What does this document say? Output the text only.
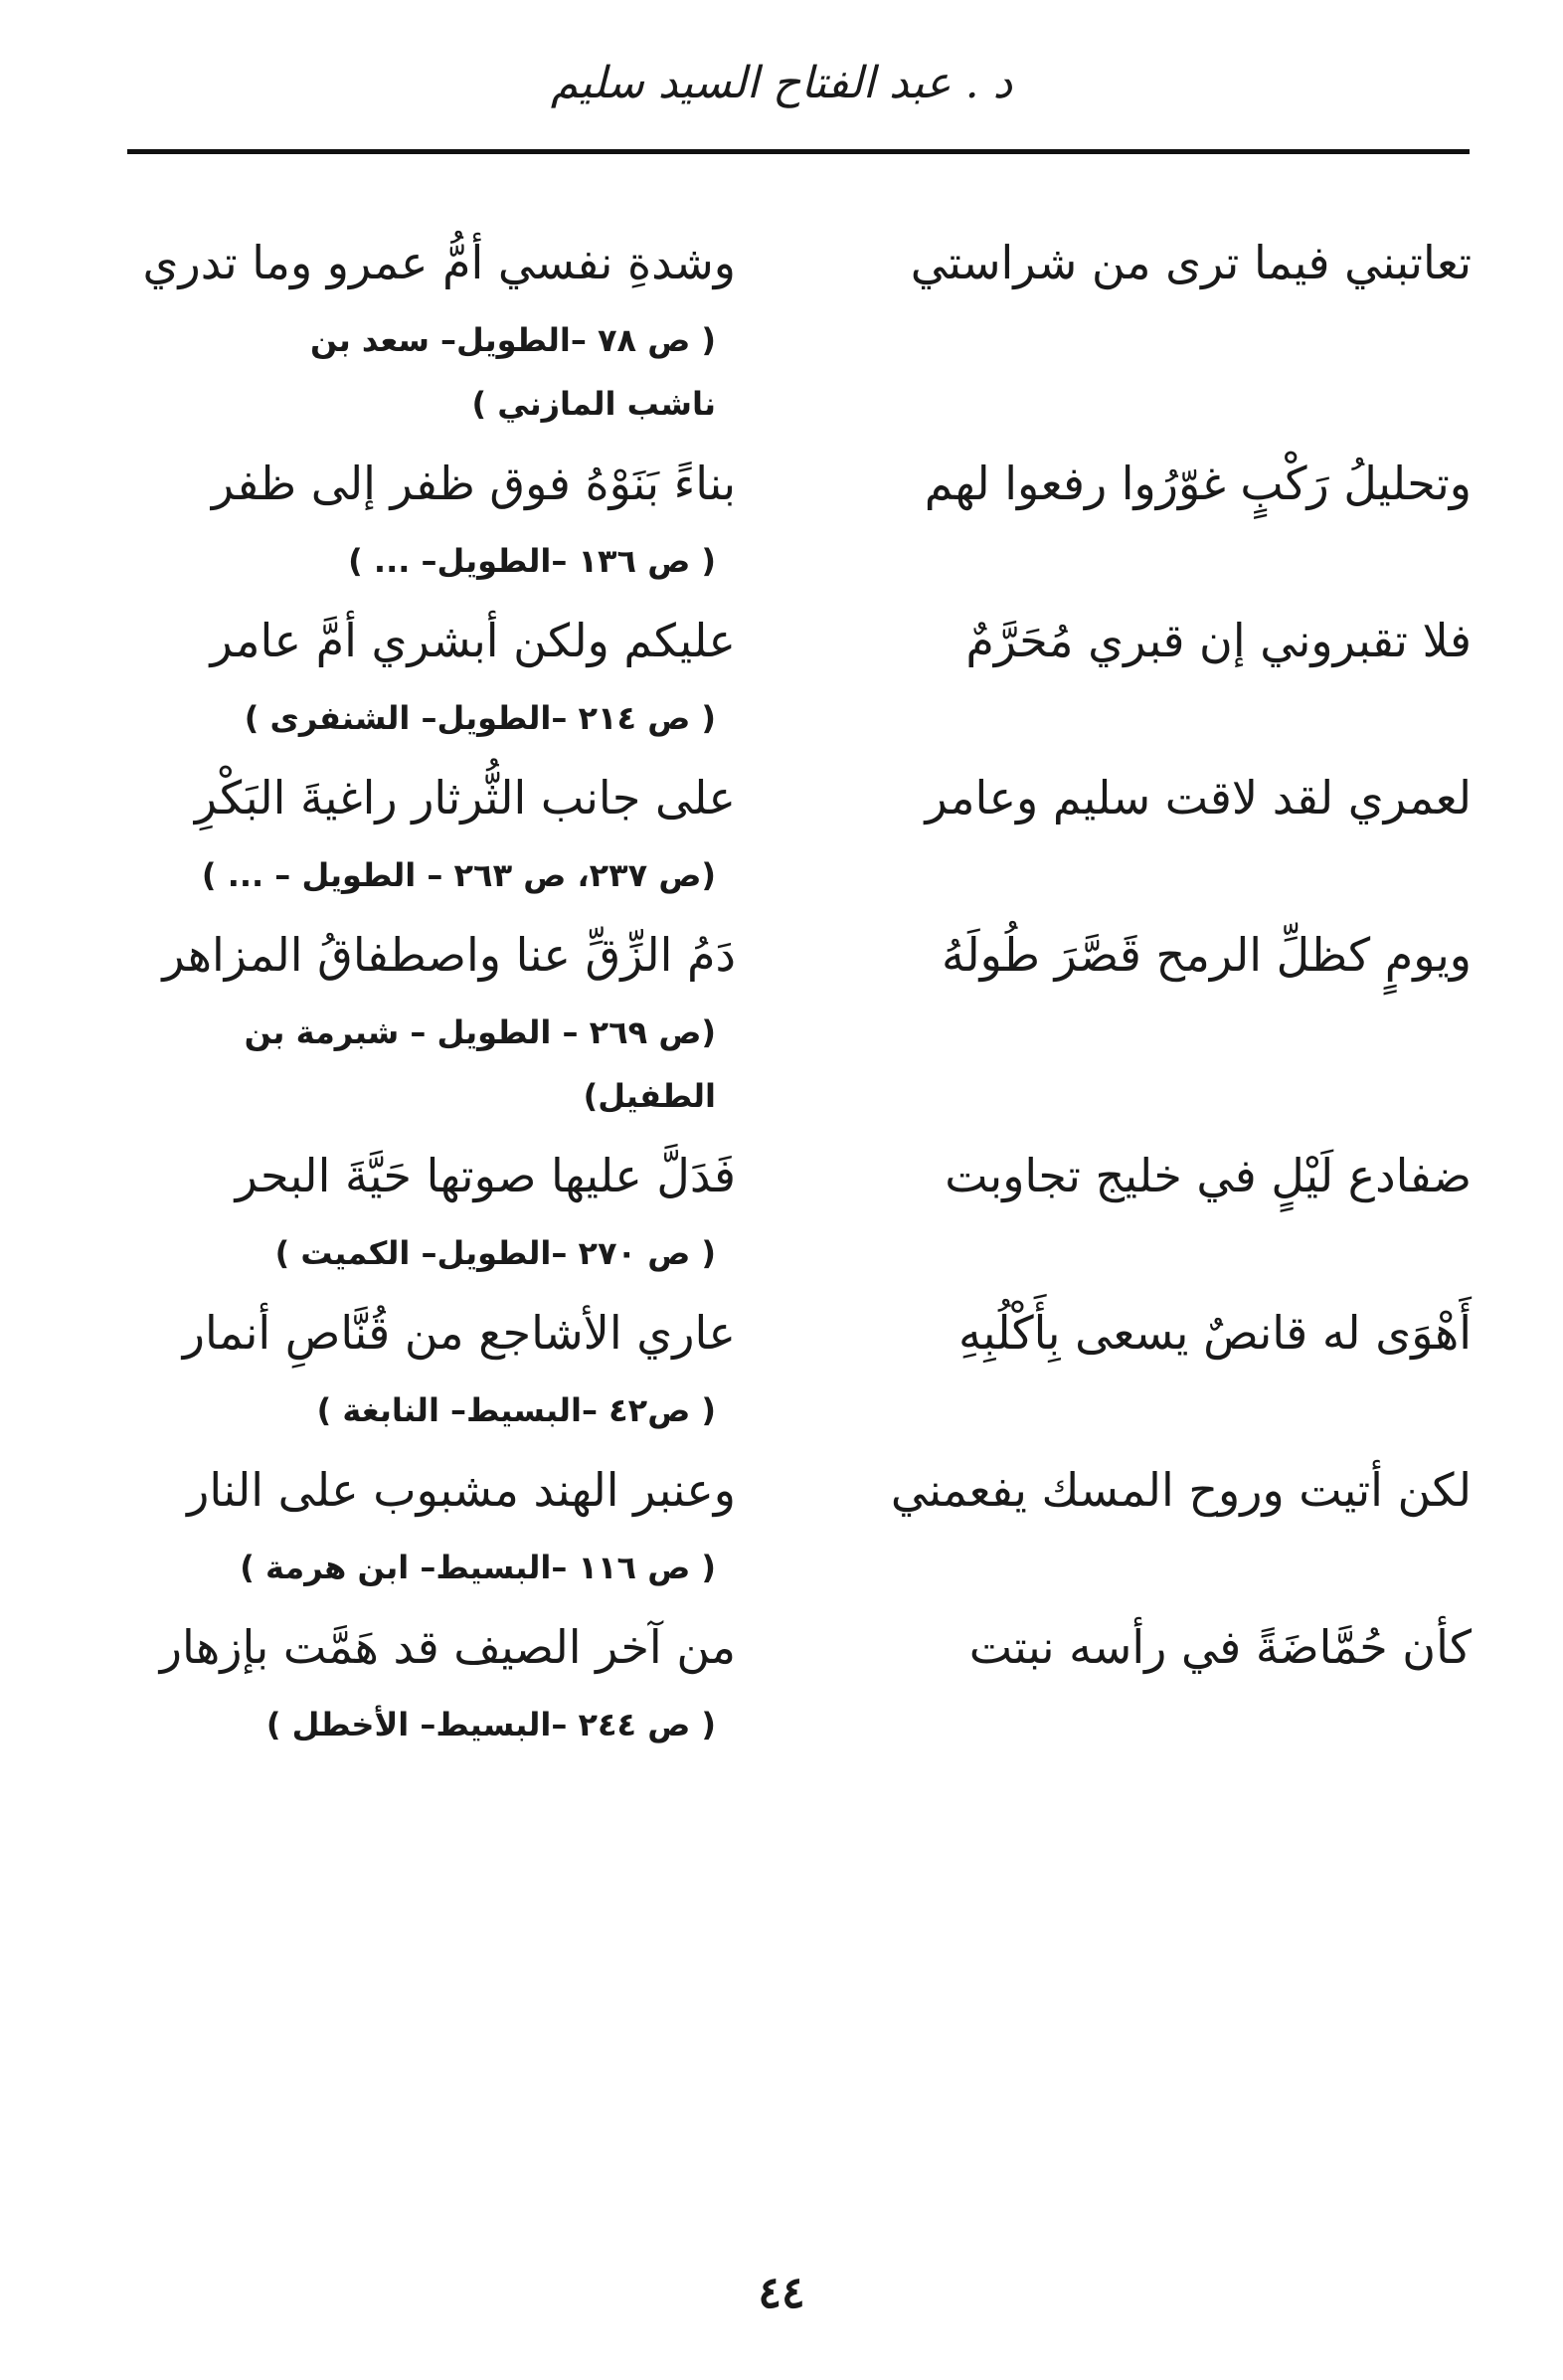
د . عبد الفتاح السيد سليم
تعاتبني فيما ترى من شراستي
وشدةِ نفسي أمُّ عمرو وما تدري
( ص ٧٨ –الطويل– سعد بن
ناشب المازني )
وتحليلُ رَكْبٍ غوّرُوا رفعوا لهم
بناءً بَنَوْهُ فوق ظفر إلى ظفر
( ص ١٣٦ –الطويل– ... )
فلا تقبروني إن قبري مُحَرَّمٌ
عليكم ولكن أبشري أمَّ عامر
( ص ٢١٤ –الطويل– الشنفرى )
لعمري لقد لاقت سليم وعامر
على جانب الثُّرثار راغيةَ البَكْرِ
(ص ٢٣٧، ص ٢٦٣ – الطويل – ... )
ويومٍ كظلِّ الرمح قَصَّرَ طُولَهُ
دَمُ الزِّقِّ عنا واصطفاقُ المزاهر
(ص ٢٦٩ – الطويل – شبرمة بن الطفيل)
ضفادع لَيْلٍ في خليج تجاوبت
فَدَلَّ عليها صوتها حَيَّةَ البحر
( ص ٢٧٠ –الطويل– الكميت )
أَهْوَى له قانصٌ يسعى بِأَكْلُبِهِ
عاري الأشاجع من قُنَّاصِ أنمار
( ص٤٢ –البسيط– النابغة )
لكن أتيت وروح المسك يفعمني
وعنبر الهند مشبوب على النار
( ص ١١٦ –البسيط– ابن هرمة )
كأن حُمَّاضَةً في رأسه نبتت
من آخر الصيف قد هَمَّت بإزهار
( ص ٢٤٤ –البسيط– الأخطل )
٤٤
